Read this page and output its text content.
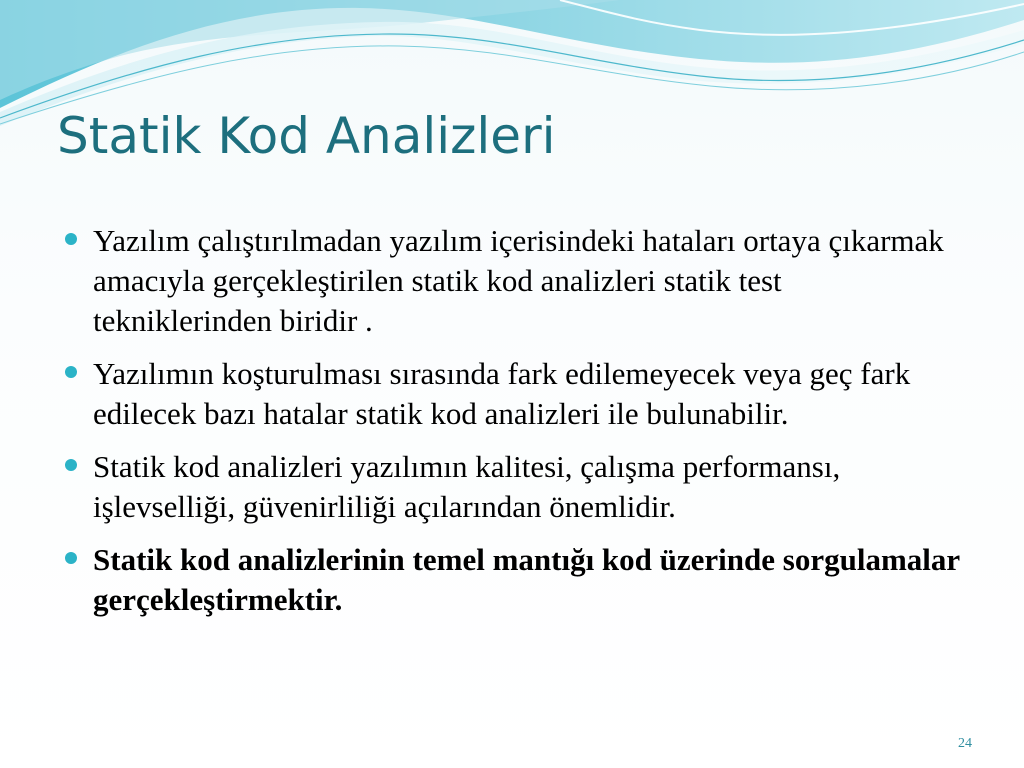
Statik Kod Analizleri
Yazılım çalıştırılmadan yazılım içerisindeki hataları ortaya çıkarmak amacıyla gerçekleştirilen statik kod analizleri statik test tekniklerinden biridir .
Yazılımın koşturulması sırasında fark edilemeyecek veya geç fark edilecek bazı hatalar statik kod analizleri ile bulunabilir.
Statik kod analizleri yazılımın kalitesi, çalışma performansı, işlevselliği, güvenirliliği açılarından önemlidir.
Statik kod analizlerinin temel mantığı kod üzerinde sorgulamalar gerçekleştirmektir.
24
